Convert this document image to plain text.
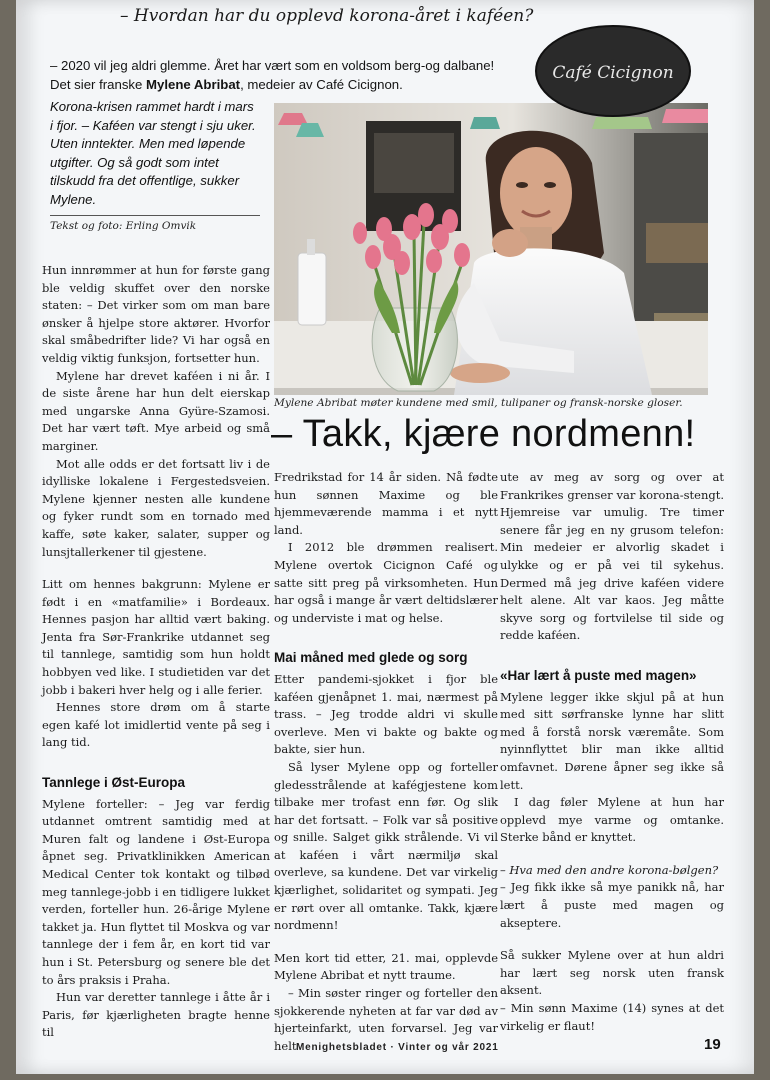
– Hvordan har du opplevd korona-året i kaféen?
– 2020 vil jeg aldri glemme. Året har vært som en voldsom berg-og dalbane!
Det sier franske Mylene Abribat, medeier av Café Cicignon.
Korona-krisen rammet hardt i mars i fjor. – Kaféen var stengt i sju uker. Uten inntekter. Men med løpende utgifter. Og så godt som intet tilskudd fra det offentlige, sukker Mylene.
Tekst og foto: Erling Omvik
Café Cicignon
Mylene Abribat møter kundene med smil, tulipaner og fransk-norske gloser.
– Takk, kjære nordmenn!

Hun innrømmer at hun for første gang ble veldig skuffet over den norske staten: – Det virker som om man bare ønsker å hjelpe store aktører. Hvorfor skal småbedrifter lide? Vi har også en veldig viktig funksjon, fortsetter hun.

Mylene har drevet kaféen i ni år. I de siste årene har hun delt eierskap med ungarske Anna Gyüre-Szamosi. Det har vært tøft. Mye arbeid og små marginer.

Mot alle odds er det fortsatt liv i de idylliske lokalene i Fergestedsveien. Mylene kjenner nesten alle kundene og fyker rundt som en tornado med kaffe, søte kaker, salater, supper og lunsjtallerkener til gjestene.

Litt om hennes bakgrunn: Mylene er født i en «matfamilie» i Bordeaux. Hennes pasjon har alltid vært baking. Jenta fra Sør-Frankrike utdannet seg til tannlege, samtidig som hun holdt hobbyen ved like. I studietiden var det jobb i bakeri hver helg og i alle ferier.

Hennes store drøm om å starte egen kafé lot imidlertid vente på seg i lang tid.

Tannlege i Øst-Europa

Mylene forteller: – Jeg var ferdig utdannet omtrent samtidig med at Muren falt og landene i Øst-Europa åpnet seg. Privatklinikken American Medical Center tok kontakt og tilbød meg tannlege-jobb i en tidligere lukket verden, forteller hun. 26-årige Mylene takket ja. Hun flyttet til Moskva og var tannlege der i fem år, en kort tid var hun i St. Petersburg og senere ble det to års praksis i Praha.

Hun var deretter tannlege i åtte år i Paris, før kjærligheten bragte henne til

Fredrikstad for 14 år siden. Nå fødte hun sønnen Maxime og ble hjemmeværende mamma i et nytt land.

I 2012 ble drømmen realisert. Mylene overtok Cicignon Café og satte sitt preg på virksomheten. Hun har også i mange år vært deltidslærer og underviste i mat og helse.

Mai måned med glede og sorg

Etter pandemi-sjokket i fjor ble kaféen gjenåpnet 1. mai, nærmest på trass. – Jeg trodde aldri vi skulle overleve. Men vi bakte og bakte og bakte, sier hun.

Så lyser Mylene opp og forteller gledesstrålende at kafégjestene kom tilbake mer trofast enn før. Og slik har det fortsatt. – Folk var så positive og snille. Salget gikk strålende. Vi vil at kaféen i vårt nærmiljø skal overleve, sa kundene. Det var virkelig kjærlighet, solidaritet og sympati. Jeg er rørt over all omtanke. Takk, kjære nordmenn!

Men kort tid etter, 21. mai, opplevde Mylene Abribat et nytt traume.

– Min søster ringer og forteller den sjokkerende nyheten at far var død av hjerteinfarkt, uten forvarsel. Jeg var helt

ute av meg av sorg og over at Frankrikes grenser var korona-stengt. Hjemreise var umulig. Tre timer senere får jeg en ny grusom telefon: Min medeier er alvorlig skadet i ulykke og er på vei til sykehus. Dermed må jeg drive kaféen videre helt alene. Alt var kaos. Jeg måtte skyve sorg og fortvilelse til side og redde kaféen.

«Har lært å puste med magen»

Mylene legger ikke skjul på at hun med sitt sørfranske lynne har slitt med å forstå norsk væremåte. Som nyinnflyttet blir man ikke alltid omfavnet. Dørene åpner seg ikke så lett.

I dag føler Mylene at hun har opplevd mye varme og omtanke. Sterke bånd er knyttet.

– Hva med den andre korona-bølgen?

– Jeg fikk ikke så mye panikk nå, har lært å puste med magen og akseptere.

Så sukker Mylene over at hun aldri har lært seg norsk uten fransk aksent.

– Min sønn Maxime (14) synes at det virkelig er flaut!

Menighetsbladet · Vinter og vår 2021	19
